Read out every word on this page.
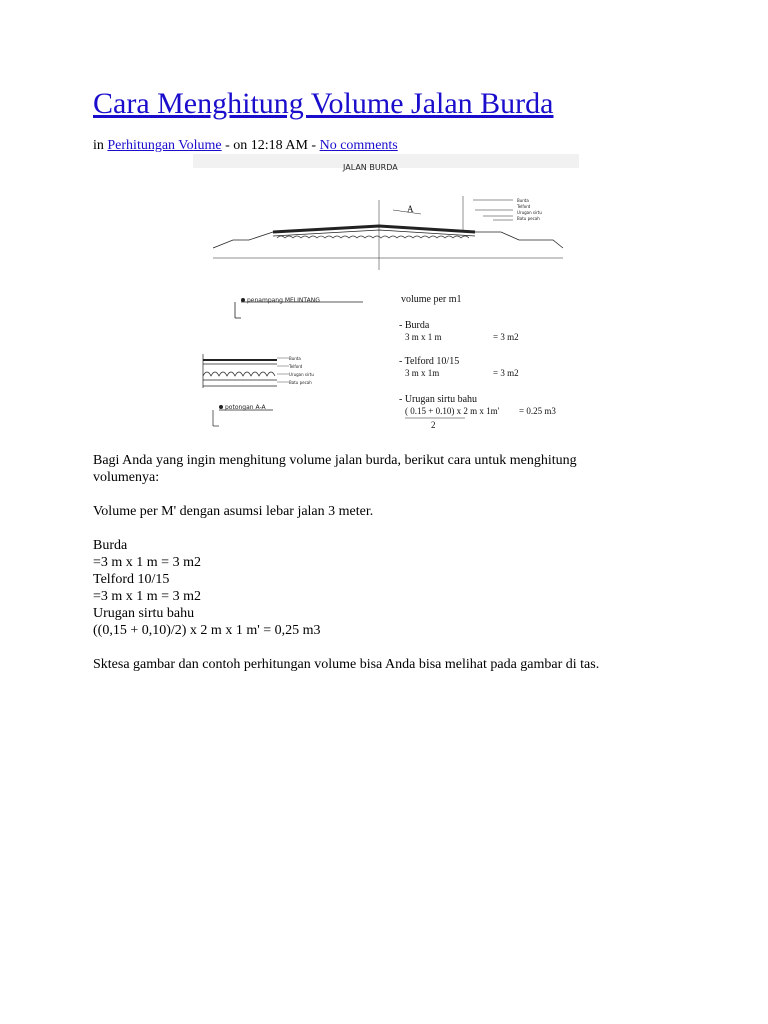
Cara Menghitung Volume Jalan Burda
in Perhitungan Volume - on 12:18 AM - No comments
JALAN BURDA
A
Burda
Telford
Urugan sirtu
Batu pecah
penampang MELINTANG
Burda
Telford
Urugan sirtu
Batu pecah
potongan A-A
volume per m1
- Burda
3 m x 1 m	= 3 m2
- Telford 10/15
3 m x 1m	= 3 m2
- Urugan sirtu bahu
( 0.15 + 0.10) x 2 m x 1m' = 0.25 m3
2

Bagi Anda yang ingin menghitung volume jalan burda, berikut cara untuk menghitung

volumenya:

Volume per M' dengan asumsi lebar jalan 3 meter.

Burda

=3 m x 1 m = 3 m2

Telford 10/15

=3 m x 1 m = 3 m2

Urugan sirtu bahu

((0,15 + 0,10)/2) x 2 m x 1 m' = 0,25 m3

Sktesa gambar dan contoh perhitungan volume bisa Anda bisa melihat pada gambar di tas.
